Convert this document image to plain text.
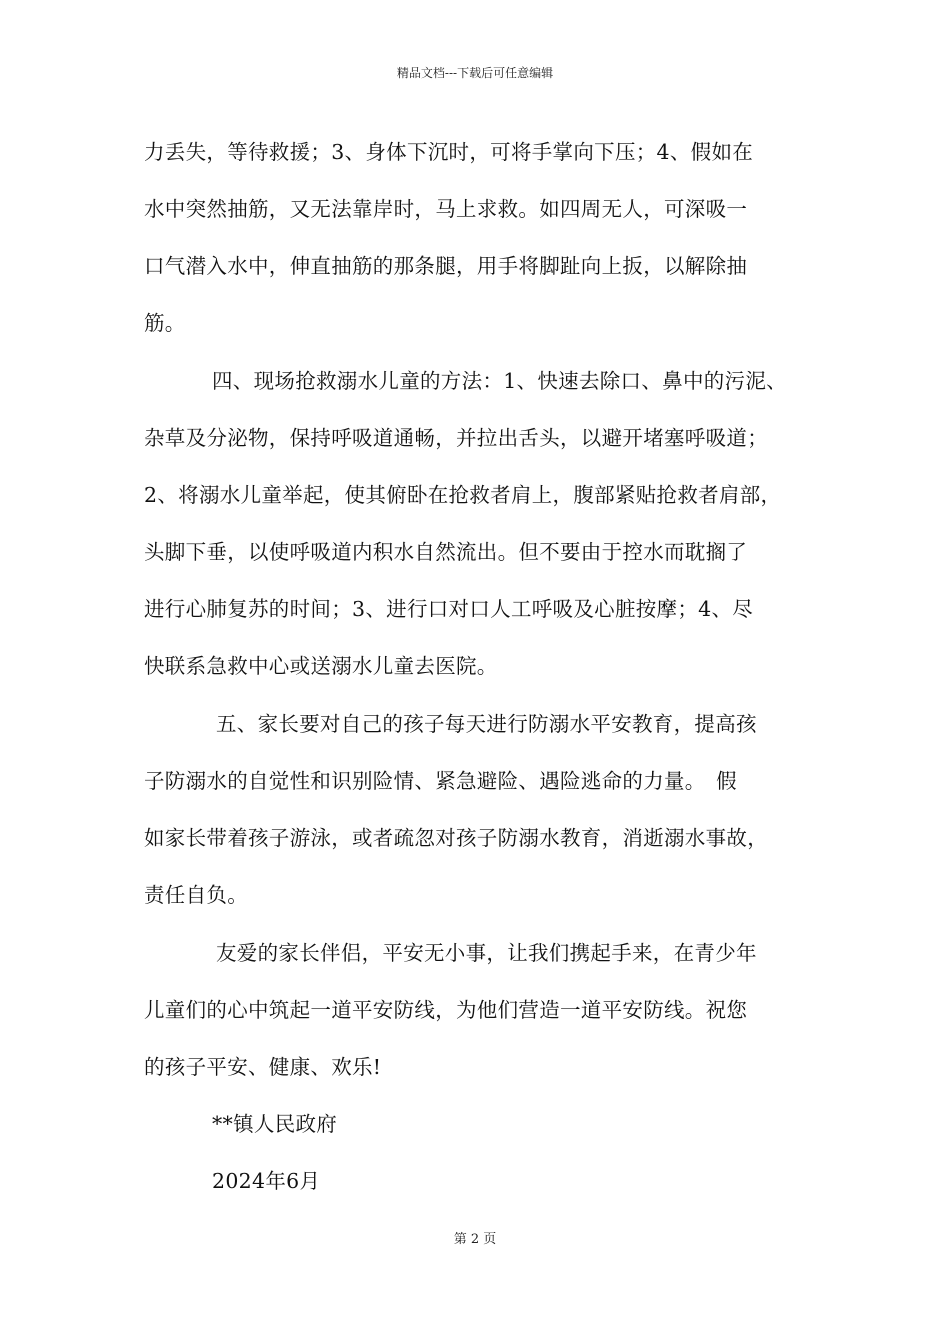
精品文档---下载后可任意编辑
力丢失，等待救援；3、身体下沉时，可将手掌向下压；4、假如在
水中突然抽筋，又无法靠岸时，马上求救。如四周无人，可深吸一
口气潜入水中，伸直抽筋的那条腿，用手将脚趾向上扳，以解除抽
筋。
四、现场抢救溺水儿童的方法：1、快速去除口、鼻中的污泥、
杂草及分泌物，保持呼吸道通畅，并拉出舌头，以避开堵塞呼吸道；
2、将溺水儿童举起，使其俯卧在抢救者肩上，腹部紧贴抢救者肩部，
头脚下垂，以使呼吸道内积水自然流出。但不要由于控水而耽搁了
进行心肺复苏的时间；3、进行口对口人工呼吸及心脏按摩；4、尽
快联系急救中心或送溺水儿童去医院。
五、家长要对自己的孩子每天进行防溺水平安教育，提高孩
子防溺水的自觉性和识别险情、紧急避险、遇险逃命的力量。　假
如家长带着孩子游泳，或者疏忽对孩子防溺水教育，消逝溺水事故，
责任自负。
友爱的家长伴侣，平安无小事，让我们携起手来，在青少年
儿童们的心中筑起一道平安防线，为他们营造一道平安防线。祝您
的孩子平安、健康、欢乐!
**镇人民政府
2024年6月
第 2 页
